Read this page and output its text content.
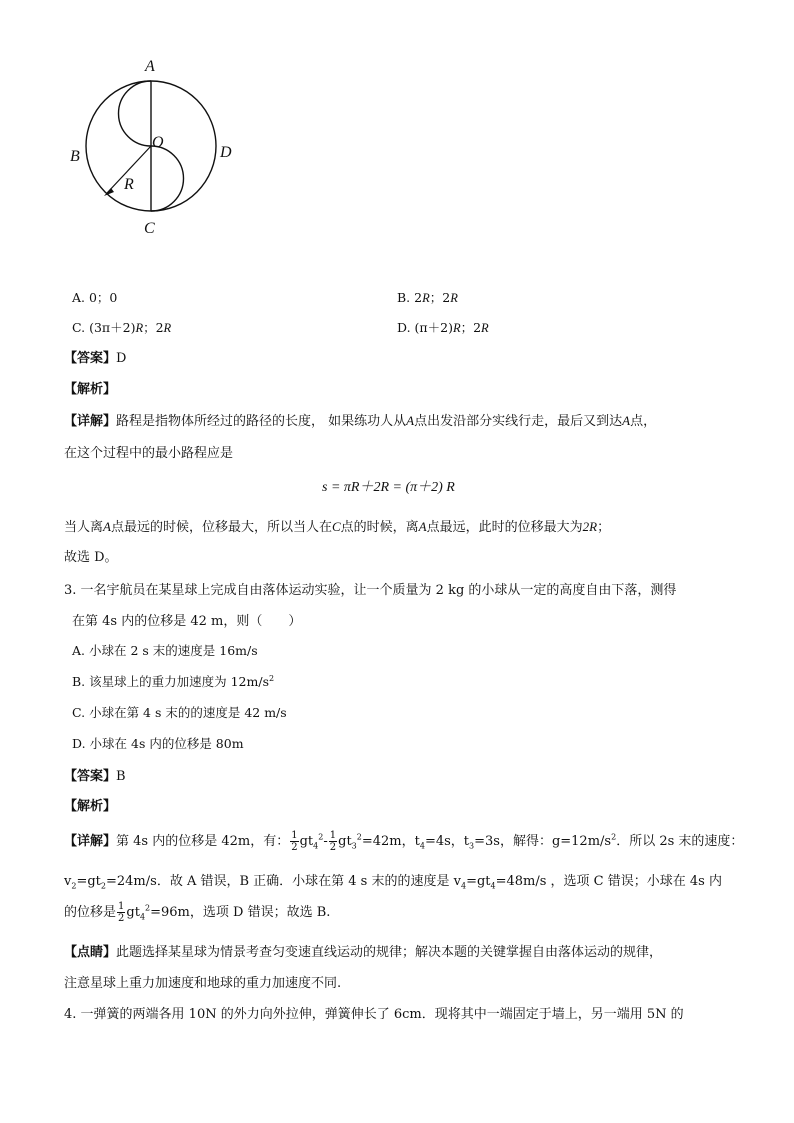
A
B
C
D
O
R
A. 0；0	B. 2R；2R
C. (3π＋2)R；2R	D. (π＋2)R；2R
【答案】D
【解析】
【详解】路程是指物体所经过的路径的长度， 如果练功人从A点出发沿部分实线行走，最后又到达A点，
在这个过程中的最小路程应是
s = πR＋2R = (π＋2) R
当人离A点最远的时候，位移最大，所以当人在C点的时候，离A点最远，此时的位移最大为2R；
故选 D。
3. 一名宇航员在某星球上完成自由落体运动实验，让一个质量为 2 kg 的小球从一定的高度自由下落，测得
在第 4s 内的位移是 42 m，则（　　）
A. 小球在 2 s 末的速度是 16m/s
B. 该星球上的重力加速度为 $12m/s^2$
C. 小球在第 4 s 末的的速度是 42 m/s
D. 小球在 4s 内的位移是 80m
【答案】B
【解析】
【详解】第 4s 内的位移是 42m，有： $\frac{1}{2} gt_4^2- \frac{1}{2} gt_3^2=42m$，$t_4=4s$，$t_3=3s$，解得：$g=12m/s^2$．所以 2s 末的速度：
$v_2=gt_2=24m/s$．故 A 错误，B 正确．小球在第 4 s 末的的速度是 $v_4=gt_4=48m/s$ ，选项 C 错误；小球在 4s 内
的位移是 $\frac{1}{2} gt_4^2=96m$，选项 D 错误；故选 B.
【点睛】此题选择某星球为情景考查匀变速直线运动的规律；解决本题的关键掌握自由落体运动的规律，
注意星球上重力加速度和地球的重力加速度不同.
4. 一弹簧的两端各用 10N 的外力向外拉伸，弹簧伸长了 6cm．现将其中一端固定于墙上，另一端用 5N 的
